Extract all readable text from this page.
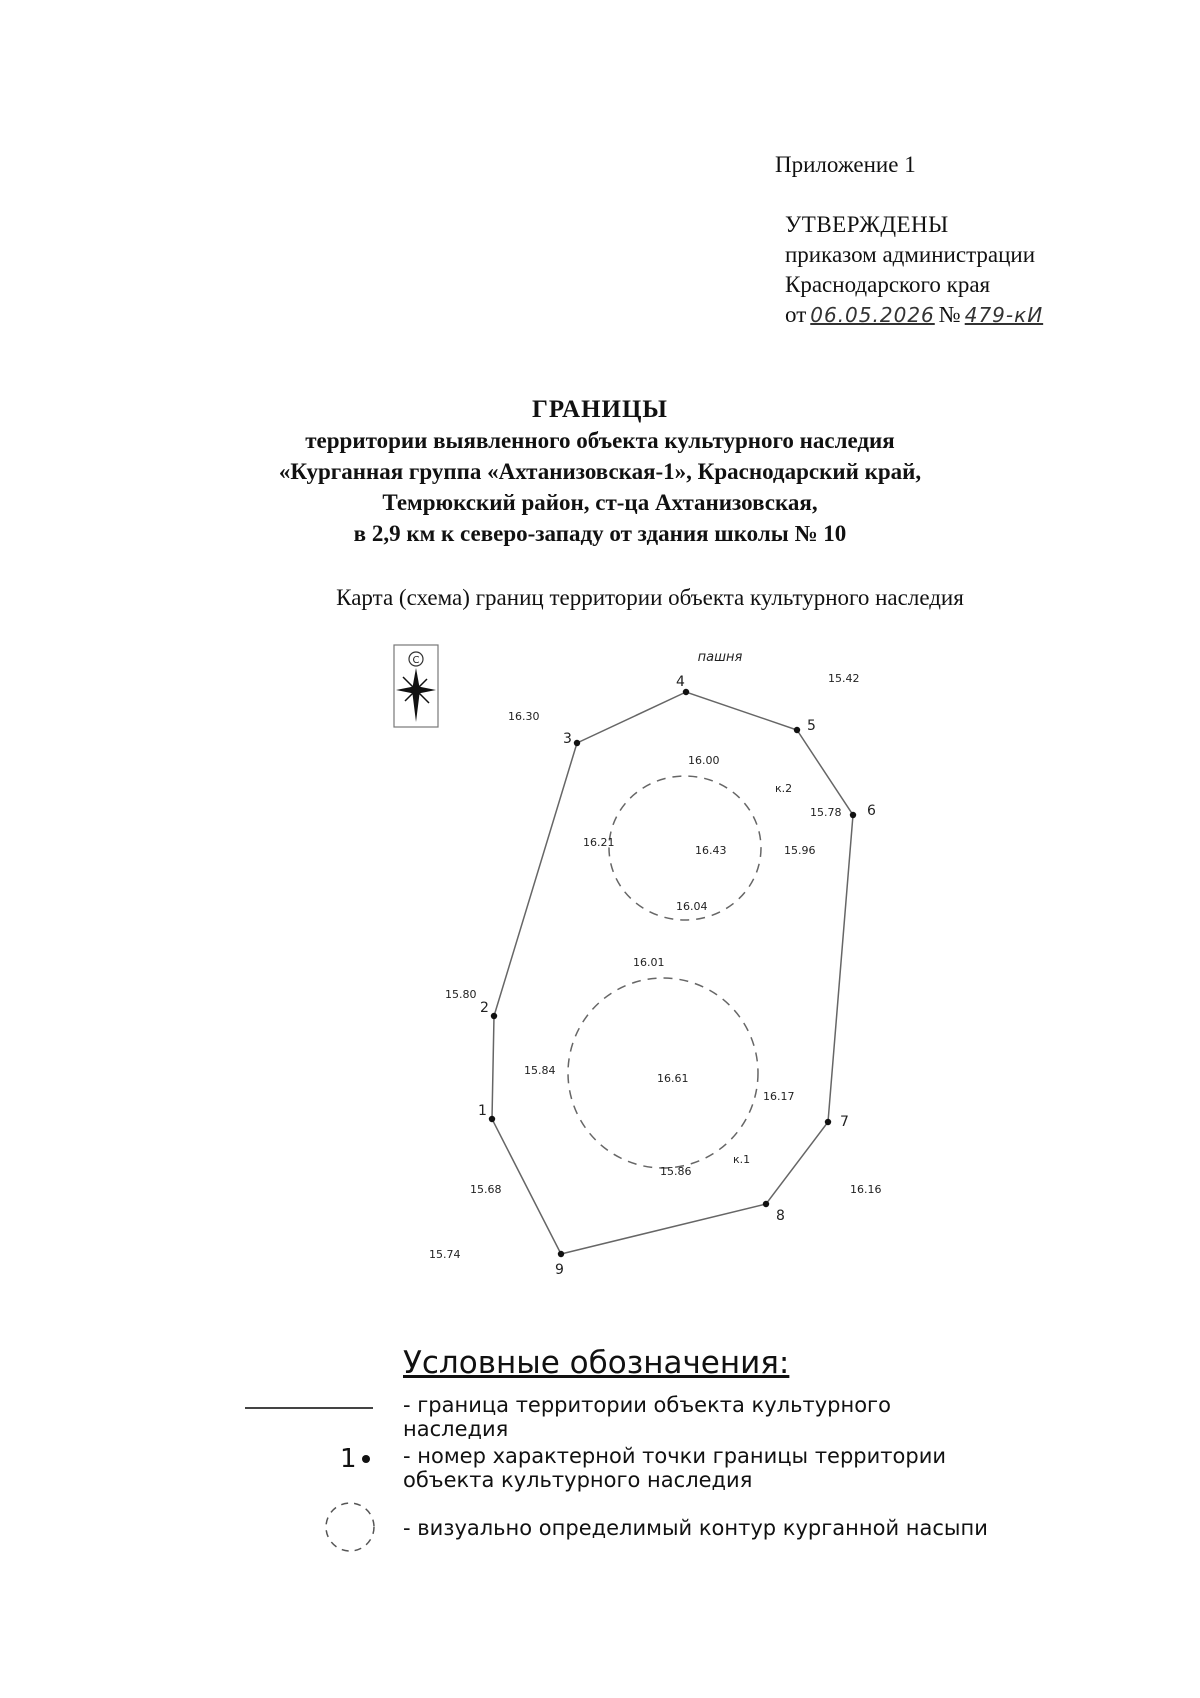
Приложение 1
УТВЕРЖДЕНЫ
приказом администрации
Краснодарского края
от 06.05.2026 № 479-кИ
ГРАНИЦЫ
территории выявленного объекта культурного наследия
«Курганная группа «Ахтанизовская-1», Краснодарский край,
Темрюкский район, ст-ца Ахтанизовская,
в 2,9 км к северо-западу от здания школы № 10
Карта (схема) границ территории объекта культурного наследия
С	пашня
1
2
3
4
5
6
7
8
9
15.42
16.30
16.00
15.78
16.21
16.43	15.96
16.04
16.01
15.80
15.84
16.61
16.17
15.86
15.68	16.16
15.74
к.1
к.2
Условные обозначения:
- граница территории объекта культурного
наследия
1 - номер характерной точки границы территории
объекта культурного наследия
- визуально определимый контур курганной насыпи
